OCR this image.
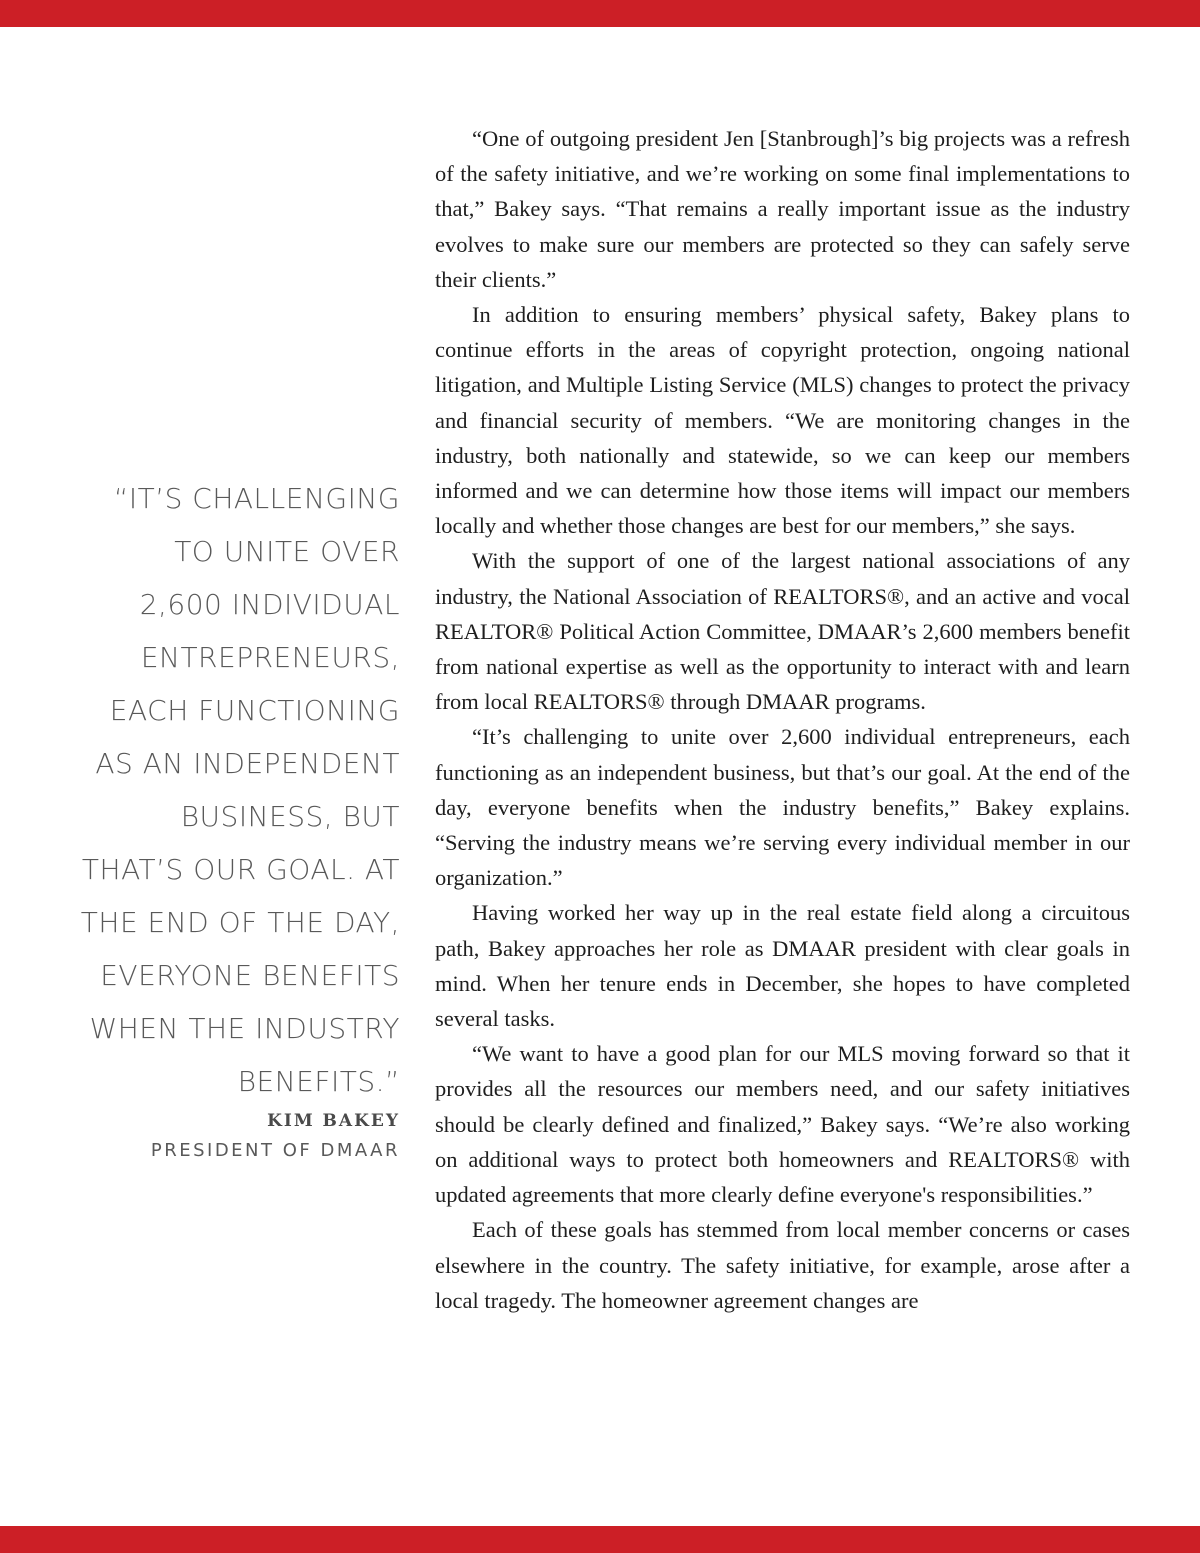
“IT’S CHALLENGING
TO UNITE OVER
2,600 INDIVIDUAL
ENTREPRENEURS,
EACH FUNCTIONING
AS AN INDEPENDENT
BUSINESS, BUT
THAT’S OUR GOAL. AT
THE END OF THE DAY,
EVERYONE BENEFITS
WHEN THE INDUSTRY
BENEFITS.”
KIM BAKEY
PRESIDENT OF DMAAR

“One of outgoing president Jen [Stanbrough]’s big projects was a refresh of the safety initiative, and we’re working on some final implementations to that,” Bakey says. “That remains a really important issue as the industry evolves to make sure our members are protected so they can safely serve their clients.”

In addition to ensuring members’ physical safety, Bakey plans to continue efforts in the areas of copyright protection, ongoing national litigation, and Multiple Listing Service (MLS) changes to protect the privacy and financial security of members. “We are monitoring changes in the industry, both nationally and statewide, so we can keep our members informed and we can determine how those items will impact our members locally and whether those changes are best for our members,” she says.

With the support of one of the largest national associations of any industry, the National Association of REALTORS®, and an active and vocal REALTOR® Political Action Committee, DMAAR’s 2,600 members benefit from national expertise as well as the opportunity to interact with and learn from local REALTORS® through DMAAR programs.

“It’s challenging to unite over 2,600 individual entrepreneurs, each functioning as an independent business, but that’s our goal. At the end of the day, everyone benefits when the industry benefits,” Bakey explains. “Serving the industry means we’re serving every individual member in our organization.”

Having worked her way up in the real estate field along a circuitous path, Bakey approaches her role as DMAAR president with clear goals in mind. When her tenure ends in December, she hopes to have completed several tasks.

“We want to have a good plan for our MLS moving forward so that it provides all the resources our members need, and our safety initiatives should be clearly defined and finalized,” Bakey says. “We’re also working on additional ways to protect both homeowners and REALTORS® with updated agreements that more clearly define everyone's responsibilities.”

Each of these goals has stemmed from local member concerns or cases elsewhere in the country. The safety initiative, for example, arose after a local tragedy. The homeowner agreement changes are
